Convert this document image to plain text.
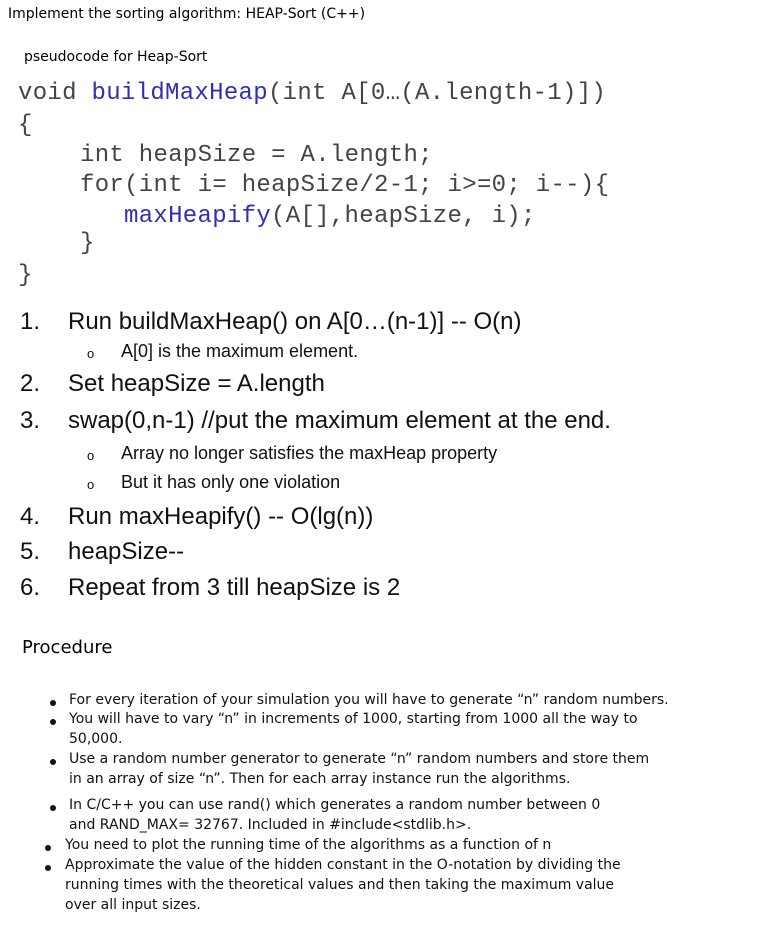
Implement the sorting algorithm: HEAP-Sort (C++)
pseudocode for Heap-Sort
void buildMaxHeap(int A[0…(A.length-1)])
{
int heapSize = A.length;
for(int i= heapSize/2-1; i>=0; i--){
maxHeapify(A[],heapSize, i);
}
}
1. Run buildMaxHeap() on A[0…(n-1)] -- O(n)
o A[0] is the maximum element.
2. Set heapSize = A.length
3. swap(0,n-1) //put the maximum element at the end.
o Array no longer satisfies the maxHeap property
o But it has only one violation
4. Run maxHeapify() -- O(lg(n))
5. heapSize--
6. Repeat from 3 till heapSize is 2
Procedure
For every iteration of your simulation you will have to generate “n” random numbers.
You will have to vary “n” in increments of 1000, starting from 1000 all the way to 50,000.
Use a random number generator to generate “n” random numbers and store them in an array of size “n”. Then for each array instance run the algorithms.
In C/C++ you can use rand() which generates a random number between 0 and RAND_MAX= 32767. Included in #include<stdlib.h>.
You need to plot the running time of the algorithms as a function of n
Approximate the value of the hidden constant in the O-notation by dividing the running times with the theoretical values and then taking the maximum value over all input sizes.
